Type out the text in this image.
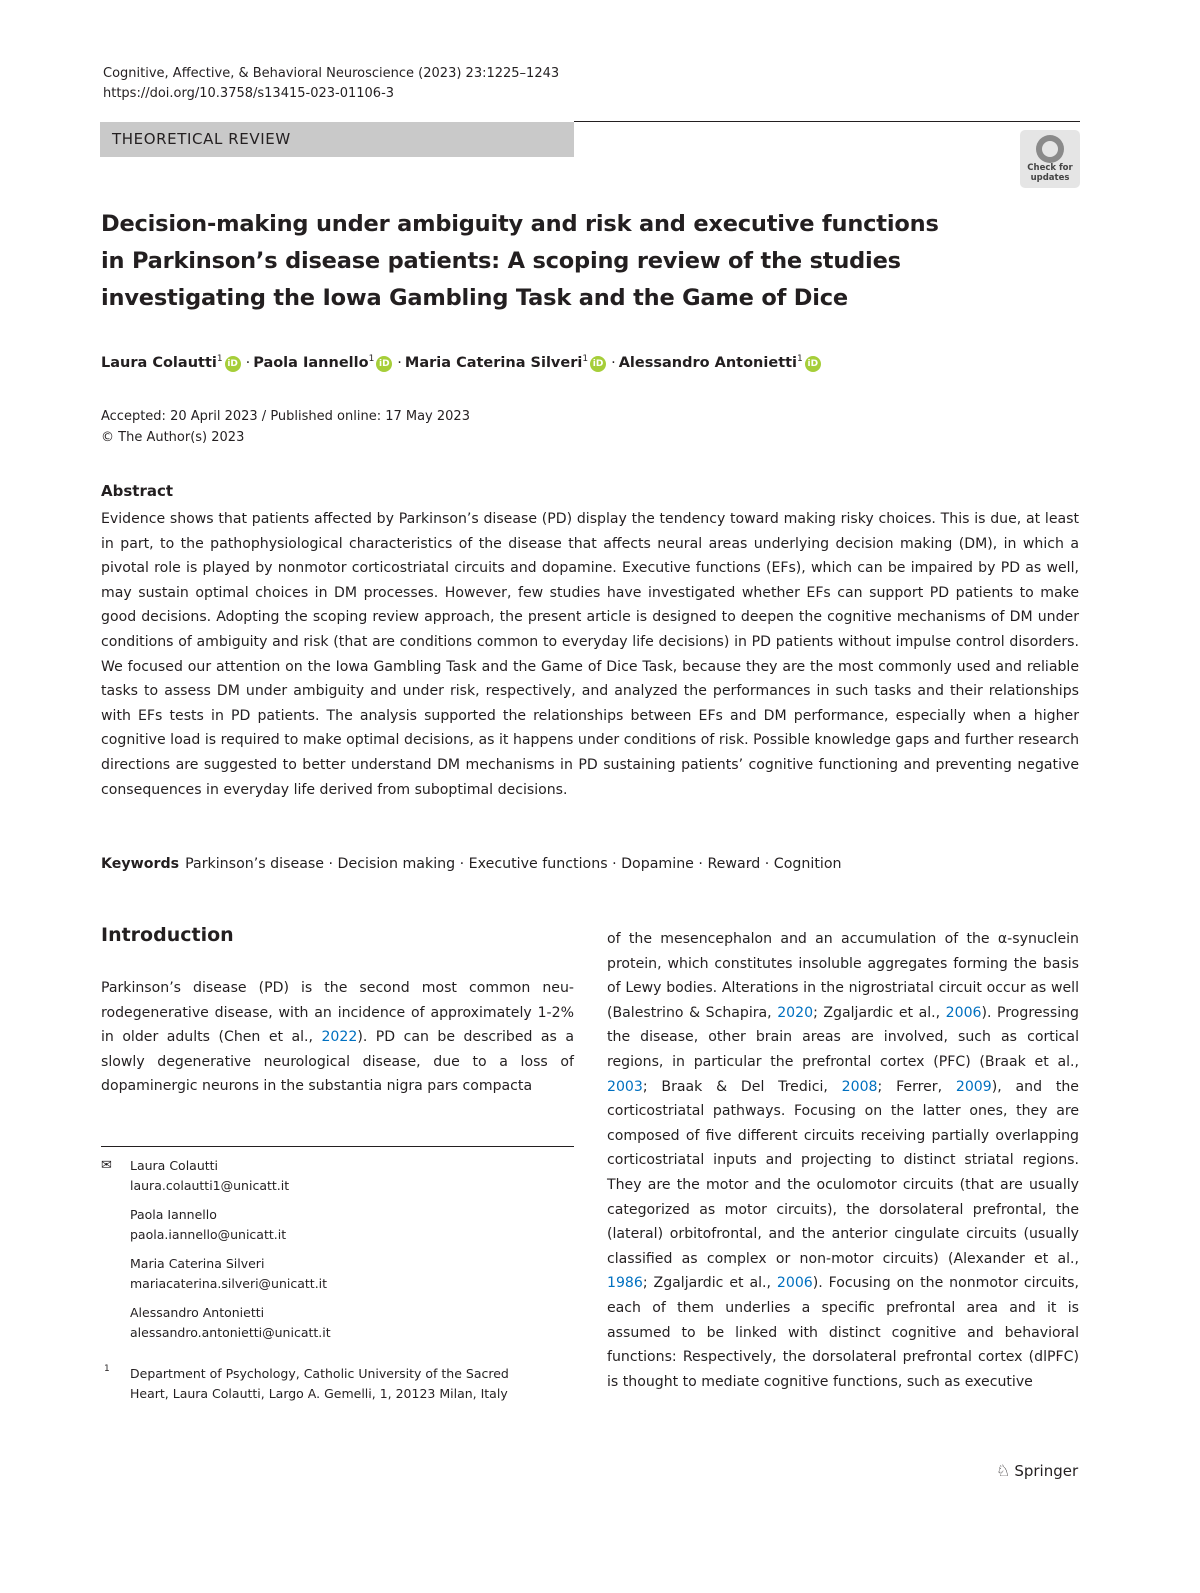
Cognitive, Affective, & Behavioral Neuroscience (2023) 23:1225–1243
https://doi.org/10.3758/s13415-023-01106-3
THEORETICAL REVIEW
Check for updates
Decision-making under ambiguity and risk and executive functions
in Parkinson’s disease patients: A scoping review of the studies
investigating the Iowa Gambling Task and the Game of Dice
Laura Colautti$^1$ iD · Paola Iannello$^1$ iD · Maria Caterina Silveri$^1$ iD · Alessandro Antonietti$^1$ iD
Accepted: 20 April 2023 / Published online: 17 May 2023
© The Author(s) 2023
Abstract

Evidence shows that patients affected by Parkinson’s disease (PD) display the tendency toward making risky choices. This is due, at least in part, to the pathophysiological characteristics of the disease that affects neural areas underlying decision making (DM), in which a pivotal role is played by nonmotor corticostriatal circuits and dopamine. Executive functions (EFs), which can be impaired by PD as well, may sustain optimal choices in DM processes. However, few studies have investigated whether EFs can support PD patients to make good decisions. Adopting the scoping review approach, the present article is designed to deepen the cognitive mechanisms of DM under conditions of ambiguity and risk (that are conditions common to everyday life decisions) in PD patients without impulse control disorders. We focused our attention on the Iowa Gambling Task and the Game of Dice Task, because they are the most commonly used and reliable tasks to assess DM under ambiguity and under risk, respectively, and analyzed the performances in such tasks and their relationships with EFs tests in PD patients. The analysis supported the relationships between EFs and DM performance, especially when a higher cognitive load is required to make optimal decisions, as it happens under conditions of risk. Possible knowledge gaps and further research directions are suggested to better understand DM mechanisms in PD sustaining patients’ cognitive functioning and preventing negative consequences in everyday life derived from suboptimal decisions.

Keywords Parkinson’s disease · Decision making · Executive functions · Dopamine · Reward · Cognition
Introduction

Parkinson’s disease (PD) is the second most common neu- rodegenerative disease, with an incidence of approximately 1-2% in older adults (Chen et al., 2022). PD can be described as a slowly degenerative neurological disease, due to a loss of dopaminergic neurons in the substantia nigra pars compacta

of the mesencephalon and an accumulation of the α-synuclein protein, which constitutes insoluble aggregates forming the basis of Lewy bodies. Alterations in the nigrostriatal circuit occur as well (Balestrino & Schapira, 2020; Zgaljardic et al., 2006). Progressing the disease, other brain areas are involved, such as cortical regions, in particular the prefrontal cortex (PFC) (Braak et al., 2003; Braak & Del Tredici, 2008; Ferrer, 2009), and the corticostriatal pathways. Focusing on the latter ones, they are composed of five different circuits receiving partially overlapping corticostriatal inputs and projecting to distinct striatal regions. They are the motor and the oculomotor circuits (that are usually categorized as motor circuits), the dorsolateral prefrontal, the (lateral) orbitofrontal, and the anterior cingulate circuits (usually classified as complex or non-motor circuits) (Alexander et al., 1986; Zgaljardic et al., 2006). Focusing on the nonmotor circuits, each of them underlies a specific prefrontal area and it is assumed to be linked with distinct cognitive and behavioral functions: Respectively, the dorsolateral prefrontal cortex (dlPFC) is thought to mediate cognitive functions, such as executive

✉ Laura Colautti
laura.colautti1@unicatt.it
Paola Iannello
paola.iannello@unicatt.it
Maria Caterina Silveri
mariacaterina.silveri@unicatt.it
Alessandro Antonietti
alessandro.antonietti@unicatt.it
1 Department of Psychology, Catholic University of the Sacred Heart, Laura Colautti, Largo A. Gemelli, 1, 20123 Milan, Italy
♘ Springer
